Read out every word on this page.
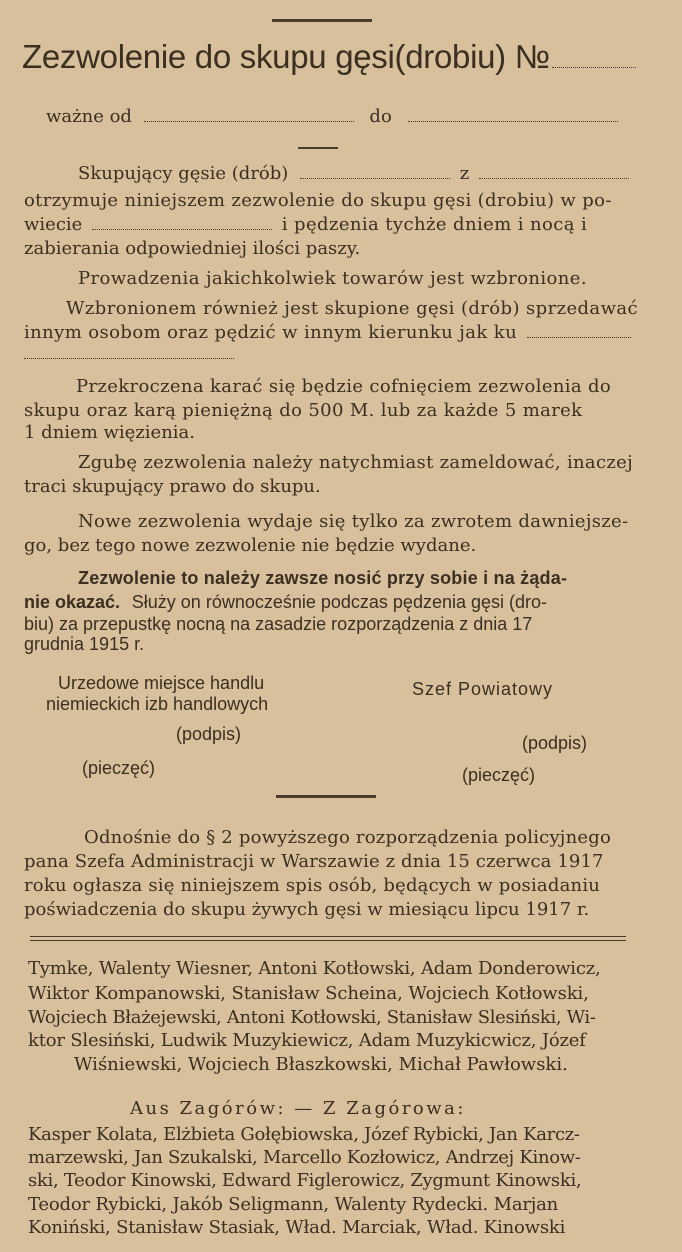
Zezwolenie do skupu gęsi(drobiu) №
ważne od	do
Skupujący gęsie (drób)	z
otrzymuje niniejszem zezwolenie do skupu gęsi (drobiu) w po-
wiecie	i pędzenia tychże dniem i nocą i
zabierania odpowiedniej ilości paszy.
Prowadzenia jakichkolwiek towarów jest wzbronione.
Wzbronionem również jest skupione gęsi (drób) sprzedawać
innym osobom oraz pędzić w innym kierunku jak ku
Przekroczena karać się będzie cofnięciem zezwolenia do
skupu oraz karą pieniężną do 500 M. lub za każde 5 marek
1 dniem więzienia.
Zgubę zezwolenia należy natychmiast zameldować, inaczej
traci skupujący prawo do skupu.
Nowe zezwolenia wydaje się tylko za zwrotem dawniejsze-
go, bez tego nowe zezwolenie nie będzie wydane.
Zezwolenie to należy zawsze nosić przy sobie i na żąda-
nie okazać. Służy on równocześnie podczas pędzenia gęsi (dro-
biu) za przepustkę nocną na zasadzie rozporządzenia z dnia 17
grudnia 1915 r.
Urzedowe miejsce handlu
niemieckich izb handlowych
(podpis)
(pieczęć)
Szef Powiatowy
(podpis)
(pieczęć)
Odnośnie do § 2 powyższego rozporządzenia policyjnego
pana Szefa Administracji w Warszawie z dnia 15 czerwca 1917
roku ogłasza się niniejszem spis osób, będących w posiadaniu
poświadczenia do skupu żywych gęsi w miesiącu lipcu 1917 r.
Tymke, Walenty Wiesner, Antoni Kotłowski, Adam Donderowicz,
Wiktor Kompanowski, Stanisław Scheina, Wojciech Kotłowski,
Wojciech Błażejewski, Antoni Kotłowski, Stanisław Slesiński, Wi-
ktor Slesiński, Ludwik Muzykiewicz, Adam Muzykicwicz, Józef
Wiśniewski, Wojciech Błaszkowski, Michał Pawłowski.
Aus Zagórów: — Z Zagórowa:
Kasper Kolata, Elżbieta Gołębiowska, Józef Rybicki, Jan Karcz-
marzewski, Jan Szukalski, Marcello Kozłowicz, Andrzej Kinow-
ski, Teodor Kinowski, Edward Figlerowicz, Zygmunt Kinowski,
Teodor Rybicki, Jakób Seligmann, Walenty Rydecki. Marjan
Koniński, Stanisław Stasiak, Wład. Marciak, Wład. Kinowski
